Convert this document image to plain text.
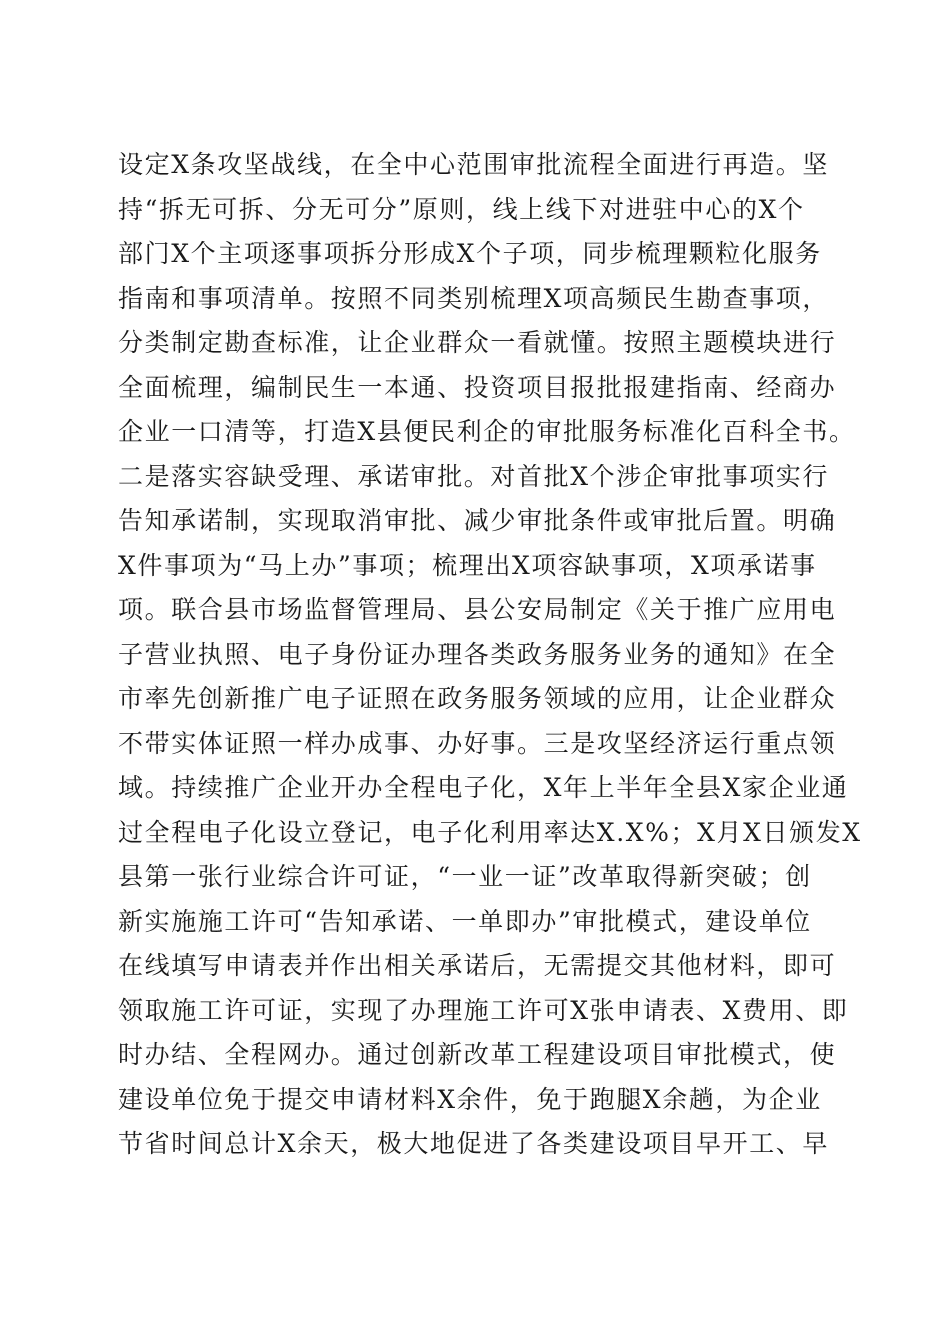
设定X条攻坚战线，在全中心范围审批流程全面进行再造。坚
持“拆无可拆、分无可分”原则，线上线下对进驻中心的X个
部门X个主项逐事项拆分形成X个子项，同步梳理颗粒化服务
指南和事项清单。按照不同类别梳理X项高频民生勘查事项，
分类制定勘查标准，让企业群众一看就懂。按照主题模块进行
全面梳理，编制民生一本通、投资项目报批报建指南、经商办
企业一口清等，打造X县便民利企的审批服务标准化百科全书。
二是落实容缺受理、承诺审批。对首批X个涉企审批事项实行
告知承诺制，实现取消审批、减少审批条件或审批后置。明确
X件事项为“马上办”事项；梳理出X项容缺事项，X项承诺事
项。联合县市场监督管理局、县公安局制定《关于推广应用电
子营业执照、电子身份证办理各类政务服务业务的通知》在全
市率先创新推广电子证照在政务服务领域的应用，让企业群众
不带实体证照一样办成事、办好事。三是攻坚经济运行重点领
域。持续推广企业开办全程电子化，X年上半年全县X家企业通
过全程电子化设立登记，电子化利用率达X.X%；X月X日颁发X
县第一张行业综合许可证，“一业一证”改革取得新突破；创
新实施施工许可“告知承诺、一单即办”审批模式，建设单位
在线填写申请表并作出相关承诺后，无需提交其他材料，即可
领取施工许可证，实现了办理施工许可X张申请表、X费用、即
时办结、全程网办。通过创新改革工程建设项目审批模式，使
建设单位免于提交申请材料X余件，免于跑腿X余趟，为企业
节省时间总计X余天，极大地促进了各类建设项目早开工、早
